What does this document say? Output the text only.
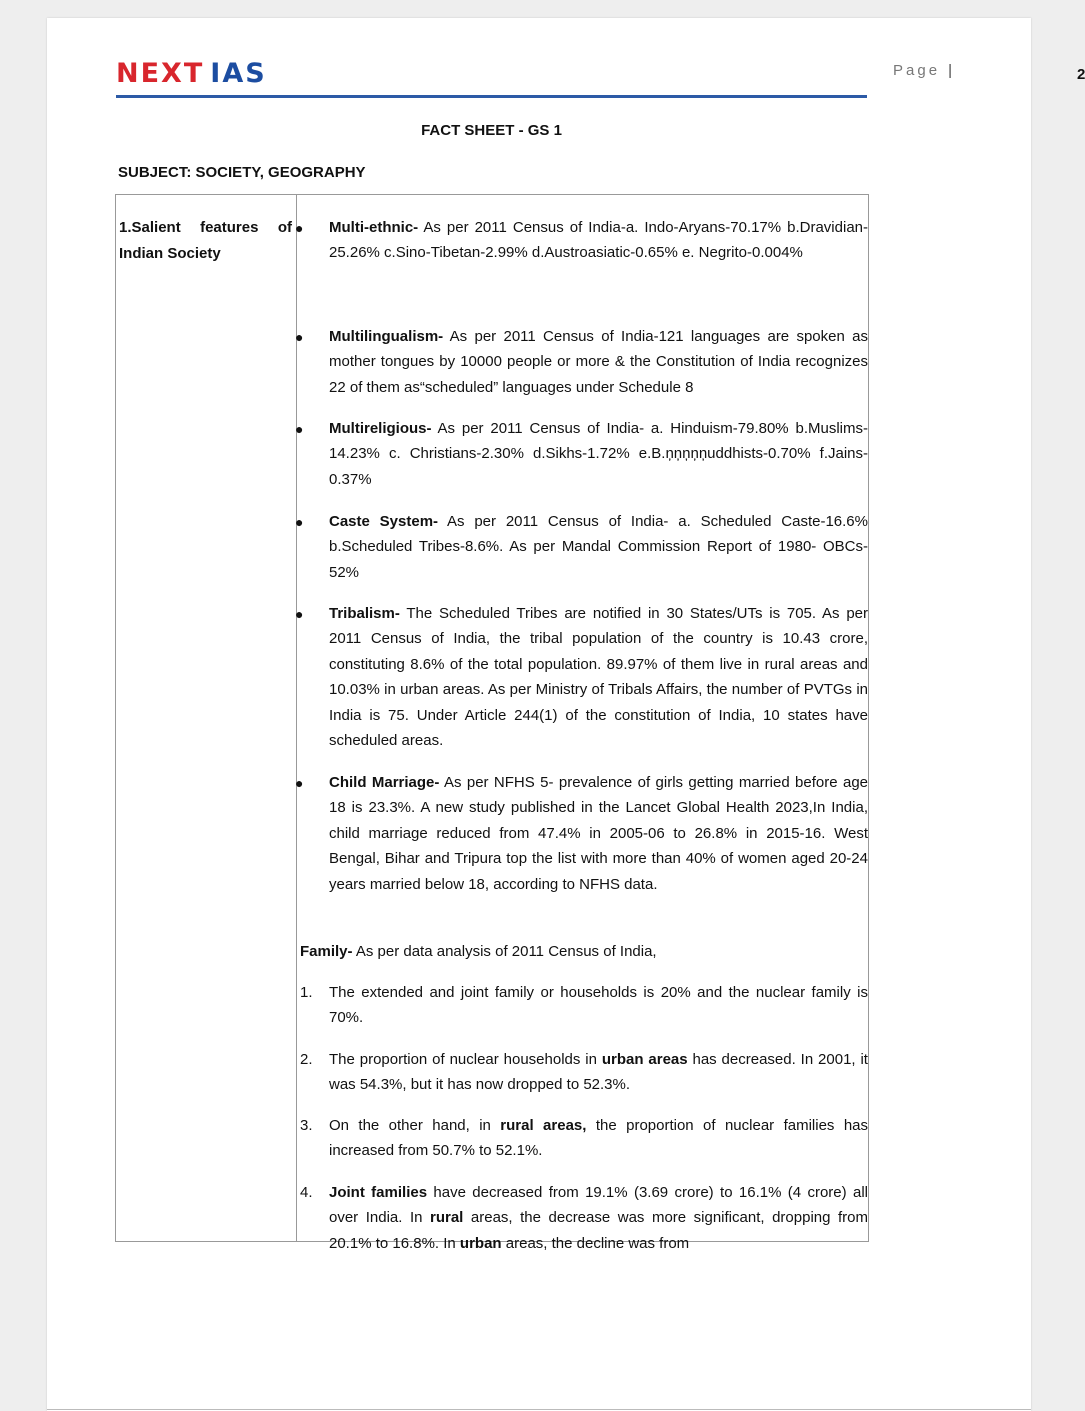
NEXT IAS	Page |	2
FACT SHEET - GS 1
SUBJECT: SOCIETY, GEOGRAPHY
1.Salient features of
Indian Society
● Multi-ethnic- As per 2011 Census of India-a. Indo-Aryans-70.17% b.Dravidian-25.26% c.Sino-Tibetan-2.99% d.Austroasiatic-0.65% e. Negrito-0.004%
● Multilingualism- As per 2011 Census of India-121 languages are spoken as mother tongues by 10000 people or more & the Constitution of India recognizes 22 of them as“scheduled” languages under Schedule 8
● Multireligious- As per 2011 Census of India- a. Hinduism-79.80% b.Muslims-14.23% c. Christians-2.30% d.Sikhs-1.72% e.B.ņņņņņuddhists-0.70% f.Jains-0.37%
● Caste System- As per 2011 Census of India- a. Scheduled Caste-16.6% b.Scheduled Tribes-8.6%. As per Mandal Commission Report of 1980- OBCs-52%
● Tribalism- The Scheduled Tribes are notified in 30 States/UTs is 705. As per 2011 Census of India, the tribal population of the country is 10.43 crore, constituting 8.6% of the total population. 89.97% of them live in rural areas and 10.03% in urban areas. As per Ministry of Tribals Affairs, the number of PVTGs in India is 75. Under Article 244(1) of the constitution of India, 10 states have scheduled areas.
● Child Marriage- As per NFHS 5- prevalence of girls getting married before age 18 is 23.3%. A new study published in the Lancet Global Health 2023,In India, child marriage reduced from 47.4% in 2005-06 to 26.8% in 2015-16. West Bengal, Bihar and Tripura top the list with more than 40% of women aged 20-24 years married below 18, according to NFHS data.
Family- As per data analysis of 2011 Census of India,
1. The extended and joint family or households is 20% and the nuclear family is 70%.
2. The proportion of nuclear households in urban areas has decreased. In 2001, it was 54.3%, but it has now dropped to 52.3%.
3. On the other hand, in rural areas, the proportion of nuclear families has increased from 50.7% to 52.1%.
4. Joint families have decreased from 19.1% (3.69 crore) to 16.1% (4 crore) all over India. In rural areas, the decrease was more significant, dropping from 20.1% to 16.8%. In urban areas, the decline was from
